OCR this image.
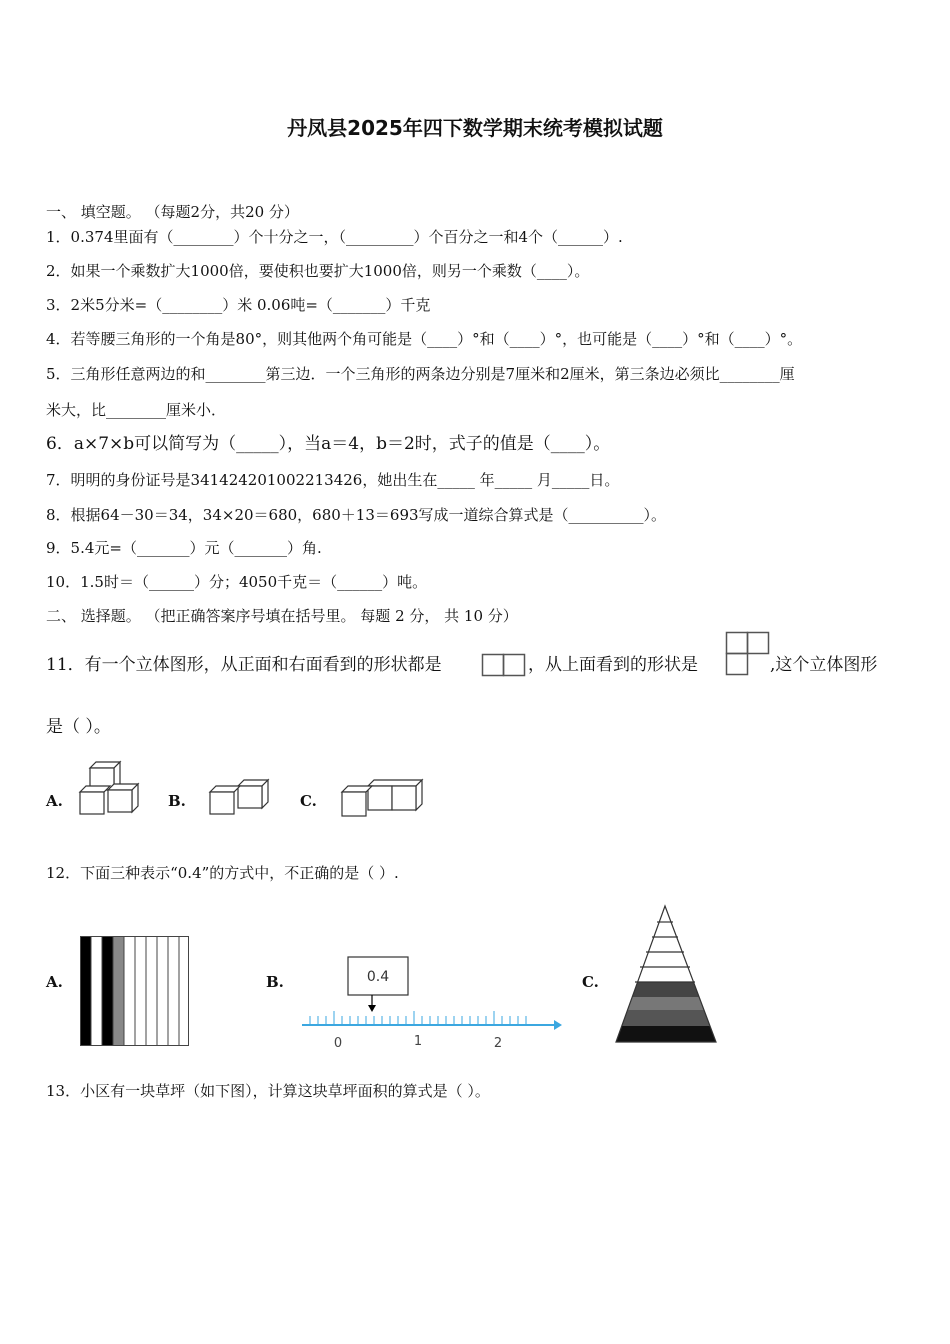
丹凤县2025年四下数学期末统考模拟试题
一、 填空题。 （每题2分，共20 分）
1．0.374里面有（________）个十分之一，（_________）个百分之一和4个（______）.
2．如果一个乘数扩大1000倍，要使积也要扩大1000倍，则另一个乘数（____）。
3．2米5分米=（________）米 0.06吨=（_______）千克
4．若等腰三角形的一个角是80°，则其他两个角可能是（____）°和（____）°，也可能是（____）°和（____）°。
5．三角形任意两边的和________第三边．一个三角形的两条边分别是7厘米和2厘米，第三条边必须比________厘
米大，比________厘米小．
6．a×7×b可以简写为（_____），当a＝4，b＝2时，式子的值是（____）。
7．明明的身份证号是341424201002213426，她出生在_____ 年_____ 月_____日。
8．根据64－30＝34，34×20＝680，680＋13＝693写成一道综合算式是（__________）。
9．5.4元=（_______）元（_______）角.
10．1.5时＝（______）分；4050千克＝（______）吨。
二、 选择题。 （把正确答案序号填在括号里。 每题 2 分， 共 10 分）
11．有一个立体图形，从正面和右面看到的形状都是	，从上面看到的形状是	,这个立体图形
是（ ）。
A.	B.	C.
12．下面三种表示“0.4”的方式中，不正确的是（ ）.
A.	B.	0.4
0	1	2
C.
13．小区有一块草坪（如下图），计算这块草坪面积的算式是（ ）。
